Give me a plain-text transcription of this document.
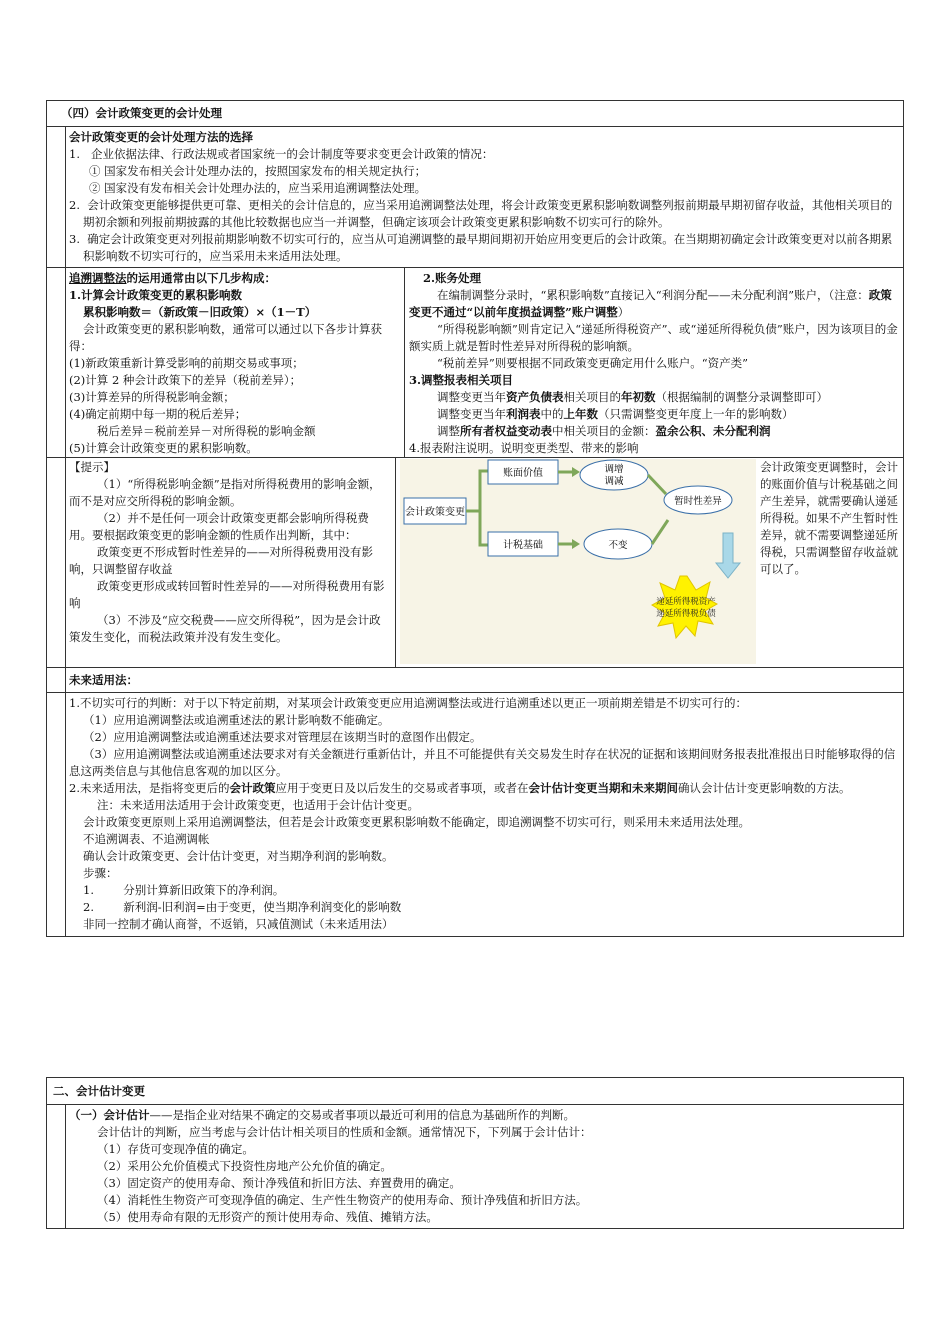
（四）会计政策变更的会计处理
会计政策变更的会计处理方法的选择
1.   企业依据法律、行政法规或者国家统一的会计制度等要求变更会计政策的情况：
① 国家发布相关会计处理办法的，按照国家发布的相关规定执行；
② 国家没有发布相关会计处理办法的，应当采用追溯调整法处理。
2.  会计政策变更能够提供更可靠、更相关的会计信息的，应当采用追溯调整法处理，将会计政策变更累积影响数调整列报前期最早期初留存收益，其他相关项目的期初余额和列报前期披露的其他比较数据也应当一并调整，但确定该项会计政策变更累积影响数不切实可行的除外。
3.  确定会计政策变更对列报前期影响数不切实可行的，应当从可追溯调整的最早期间期初开始应用变更后的会计政策。在当期期初确定会计政策变更对以前各期累积影响数不切实可行的，应当采用未来适用法处理。
追溯调整法的运用通常由以下几步构成：
1.计算会计政策变更的累积影响数
累积影响数＝（新政策－旧政策）×（1－T）
会计政策变更的累积影响数，通常可以通过以下各步计算获得：
(1)新政策重新计算受影响的前期交易或事项；
(2)计算 2 种会计政策下的差异（税前差异）；
(3)计算差异的所得税影响金额；
(4)确定前期中每一期的税后差异；
税后差异＝税前差异－对所得税的影响金额
(5)计算会计政策变更的累积影响数。
2.账务处理
在编制调整分录时，“累积影响数”直接记入“利润分配——未分配利润”账户，（注意：政策变更不通过“以前年度损益调整”账户调整）
“所得税影响额”则肯定记入“递延所得税资产”、或“递延所得税负债”账户，因为该项目的金额实质上就是暂时性差异对所得税的影响额。
“税前差异”则要根据不同政策变更确定用什么账户。“资产类”
3.调整报表相关项目
调整变更当年资产负债表相关项目的年初数（根据编制的调整分录调整即可）
调整变更当年利润表中的上年数（只需调整变更年度上一年的影响数）
调整所有者权益变动表中相关项目的金额：盈余公积、未分配利润
4.报表附注说明。说明变更类型、带来的影响
【提示】
（1）“所得税影响金额”是指对所得税费用的影响金额，而不是对应交所得税的影响金额。
（2）并不是任何一项会计政策变更都会影响所得税费用。要根据政策变更的影响金额的性质作出判断，其中：
政策变更不形成暂时性差异的——对所得税费用没有影响，只调整留存收益
政策变更形成或转回暂时性差异的——对所得税费用有影响
（3）不涉及“应交税费——应交所得税”，因为是会计政策发生变化，而税法政策并没有发生变化。
会计政策变更
账面价值
计税基础
调增
调减
不变
暂时性差异
递延所得税资产
递延所得税负债
会计政策变更调整时，会计的账面价值与计税基础之间产生差异，就需要确认递延所得税。如果不产生暂时性差异，就不需要调整递延所得税，只需调整留存收益就可以了。
未来适用法：
1.不切实可行的判断：对于以下特定前期，对某项会计政策变更应用追溯调整法或进行追溯重述以更正一项前期差错是不切实可行的：
（1）应用追溯调整法或追溯重述法的累计影响数不能确定。
（2）应用追溯调整法或追溯重述法要求对管理层在该期当时的意图作出假定。
（3）应用追溯调整法或追溯重述法要求对有关金额进行重新估计，并且不可能提供有关交易发生时存在状况的证据和该期间财务报表批准报出日时能够取得的信息这两类信息与其他信息客观的加以区分。
2.未来适用法，是指将变更后的会计政策应用于变更日及以后发生的交易或者事项，或者在会计估计变更当期和未来期间确认会计估计变更影响数的方法。
注：未来适用法适用于会计政策变更，也适用于会计估计变更。
会计政策变更原则上采用追溯调整法，但若是会计政策变更累积影响数不能确定，即追溯调整不切实可行，则采用未来适用法处理。
不追溯调表、不追溯调帐
确认会计政策变更、会计估计变更，对当期净利润的影响数。
步骤：
1.        分别计算新旧政策下的净利润。
2.        新利润-旧利润=由于变更，使当期净利润变化的影响数
非同一控制才确认商誉，不返销，只减值测试（未来适用法）
二、会计估计变更
（一）会计估计——是指企业对结果不确定的交易或者事项以最近可利用的信息为基础所作的判断。
会计估计的判断，应当考虑与会计估计相关项目的性质和金额。通常情况下，下列属于会计估计：
（1）存货可变现净值的确定。
（2）采用公允价值模式下投资性房地产公允价值的确定。
（3）固定资产的使用寿命、预计净残值和折旧方法、弃置费用的确定。
（4）消耗性生物资产可变现净值的确定、生产性生物资产的使用寿命、预计净残值和折旧方法。
（5）使用寿命有限的无形资产的预计使用寿命、残值、摊销方法。
